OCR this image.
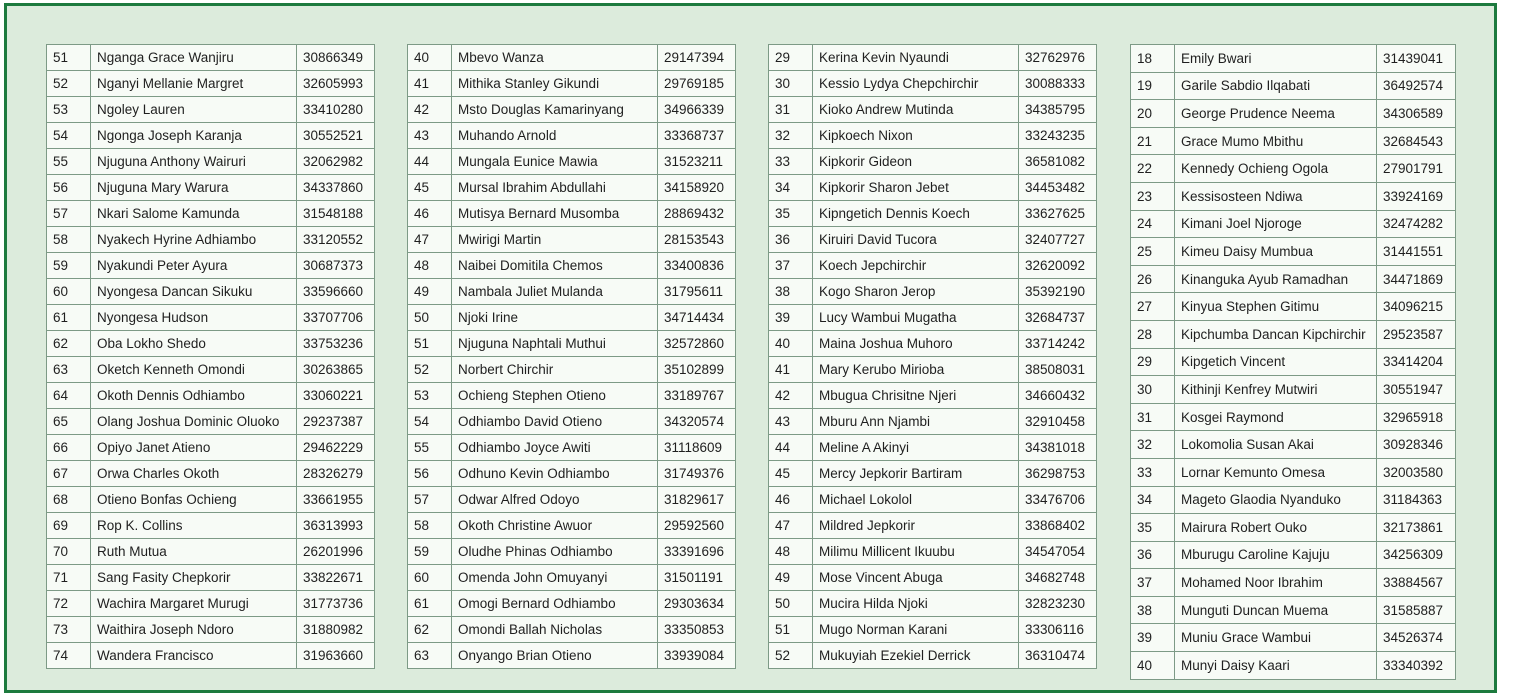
51	Nganga Grace Wanjiru	30866349
52	Nganyi Mellanie Margret	32605993
53	Ngoley Lauren	33410280
54	Ngonga Joseph Karanja	30552521
55	Njuguna Anthony Wairuri	32062982
56	Njuguna Mary Warura	34337860
57	Nkari Salome Kamunda	31548188
58	Nyakech Hyrine Adhiambo	33120552
59	Nyakundi Peter Ayura	30687373
60	Nyongesa Dancan Sikuku	33596660
61	Nyongesa Hudson	33707706
62	Oba Lokho Shedo	33753236
63	Oketch Kenneth Omondi	30263865
64	Okoth Dennis Odhiambo	33060221
65	Olang Joshua Dominic Oluoko	29237387
66	Opiyo Janet Atieno	29462229
67	Orwa Charles Okoth	28326279
68	Otieno Bonfas Ochieng	33661955
69	Rop K. Collins	36313993
70	Ruth Mutua	26201996
71	Sang Fasity Chepkorir	33822671
72	Wachira Margaret Murugi	31773736
73	Waithira Joseph Ndoro	31880982
74	Wandera Francisco	31963660
40	Mbevo Wanza	29147394
41	Mithika Stanley Gikundi	29769185
42	Msto Douglas Kamarinyang	34966339
43	Muhando Arnold	33368737
44	Mungala Eunice Mawia	31523211
45	Mursal Ibrahim Abdullahi	34158920
46	Mutisya Bernard Musomba	28869432
47	Mwirigi Martin	28153543
48	Naibei Domitila Chemos	33400836
49	Nambala Juliet Mulanda	31795611
50	Njoki Irine	34714434
51	Njuguna Naphtali Muthui	32572860
52	Norbert Chirchir	35102899
53	Ochieng Stephen Otieno	33189767
54	Odhiambo David Otieno	34320574
55	Odhiambo Joyce Awiti	31118609
56	Odhuno Kevin Odhiambo	31749376
57	Odwar Alfred Odoyo	31829617
58	Okoth Christine Awuor	29592560
59	Oludhe Phinas Odhiambo	33391696
60	Omenda John Omuyanyi	31501191
61	Omogi Bernard Odhiambo	29303634
62	Omondi Ballah Nicholas	33350853
63	Onyango Brian Otieno	33939084
29	Kerina Kevin Nyaundi	32762976
30	Kessio Lydya Chepchirchir	30088333
31	Kioko Andrew Mutinda	34385795
32	Kipkoech Nixon	33243235
33	Kipkorir Gideon	36581082
34	Kipkorir Sharon Jebet	34453482
35	Kipngetich Dennis Koech	33627625
36	Kiruiri David Tucora	32407727
37	Koech Jepchirchir	32620092
38	Kogo Sharon Jerop	35392190
39	Lucy Wambui Mugatha	32684737
40	Maina Joshua Muhoro	33714242
41	Mary Kerubo Mirioba	38508031
42	Mbugua Chrisitne Njeri	34660432
43	Mburu Ann Njambi	32910458
44	Meline A Akinyi	34381018
45	Mercy Jepkorir Bartiram	36298753
46	Michael Lokolol	33476706
47	Mildred Jepkorir	33868402
48	Milimu Millicent Ikuubu	34547054
49	Mose Vincent Abuga	34682748
50	Mucira Hilda Njoki	32823230
51	Mugo Norman Karani	33306116
52	Mukuyiah Ezekiel Derrick	36310474
18	Emily Bwari	31439041
19	Garile Sabdio Ilqabati	36492574
20	George Prudence Neema	34306589
21	Grace Mumo Mbithu	32684543
22	Kennedy Ochieng Ogola	27901791
23	Kessisosteen Ndiwa	33924169
24	Kimani Joel Njoroge	32474282
25	Kimeu Daisy Mumbua	31441551
26	Kinanguka Ayub Ramadhan	34471869
27	Kinyua Stephen Gitimu	34096215
28	Kipchumba Dancan Kipchirchir	29523587
29	Kipgetich Vincent	33414204
30	Kithinji Kenfrey Mutwiri	30551947
31	Kosgei Raymond	32965918
32	Lokomolia Susan Akai	30928346
33	Lornar Kemunto Omesa	32003580
34	Mageto Glaodia Nyanduko	31184363
35	Mairura Robert Ouko	32173861
36	Mburugu Caroline Kajuju	34256309
37	Mohamed Noor Ibrahim	33884567
38	Munguti Duncan Muema	31585887
39	Muniu Grace Wambui	34526374
40	Munyi Daisy Kaari	33340392
